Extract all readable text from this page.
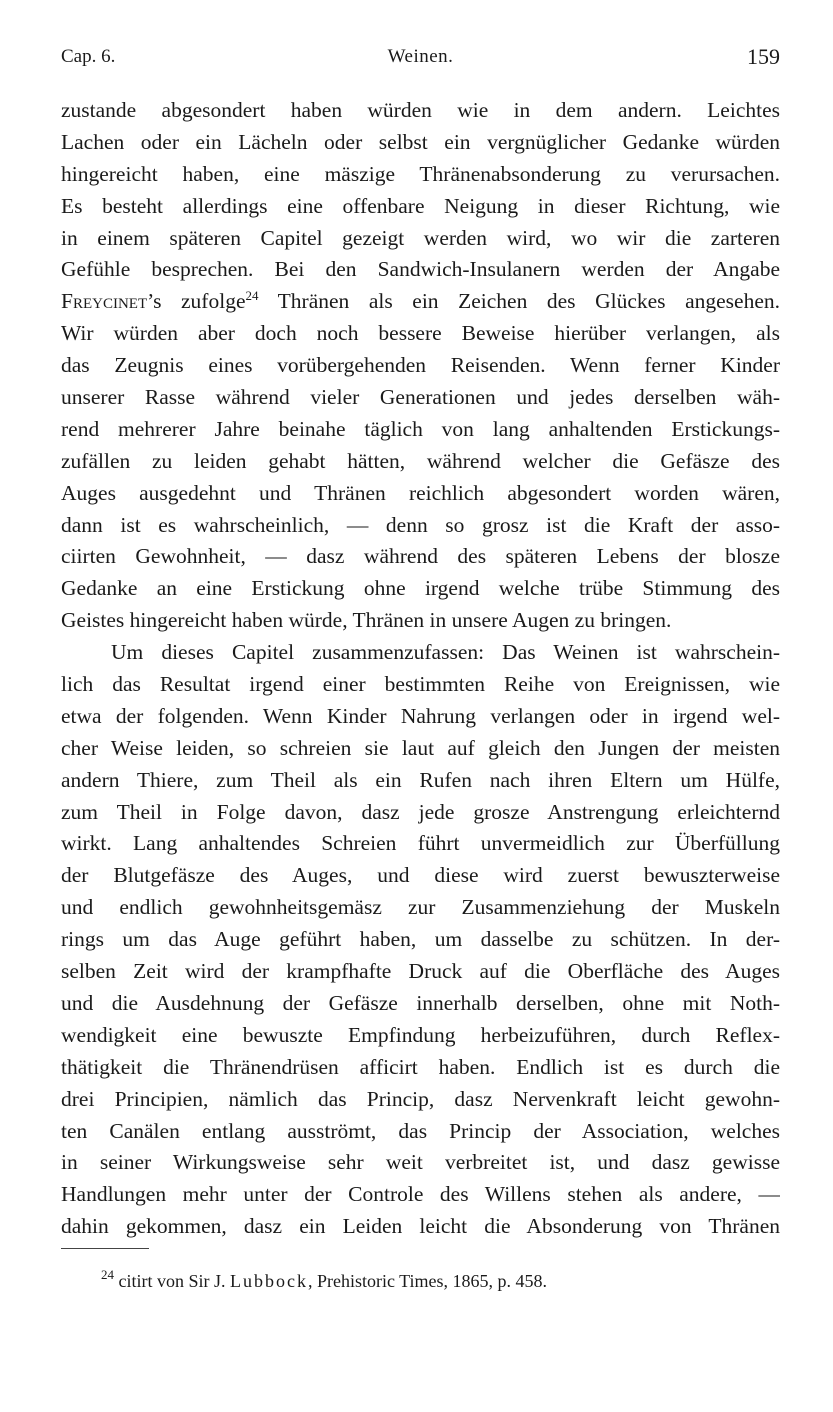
Cap. 6.	Weinen.	159
zustande abgesondert haben würden wie in dem andern. Leichtes
Lachen oder ein Lächeln oder selbst ein vergnüglicher Gedanke würden
hingereicht haben, eine mäszige Thränenabsonderung zu verursachen.
Es besteht allerdings eine offenbare Neigung in dieser Richtung, wie
in einem späteren Capitel gezeigt werden wird, wo wir die zarteren
Gefühle besprechen. Bei den Sandwich-Insulanern werden der Angabe
Freycinet’s zufolge$^{24}$ Thränen als ein Zeichen des Glückes angesehen.
Wir würden aber doch noch bessere Beweise hierüber verlangen, als
das Zeugnis eines vorübergehenden Reisenden. Wenn ferner Kinder
unserer Rasse während vieler Generationen und jedes derselben wäh-
rend mehrerer Jahre beinahe täglich von lang anhaltenden Erstickungs-
zufällen zu leiden gehabt hätten, während welcher die Gefäsze des
Auges ausgedehnt und Thränen reichlich abgesondert worden wären,
dann ist es wahrscheinlich, — denn so grosz ist die Kraft der asso-
ciirten Gewohnheit, — dasz während des späteren Lebens der blosze
Gedanke an eine Erstickung ohne irgend welche trübe Stimmung des
Geistes hingereicht haben würde, Thränen in unsere Augen zu bringen.
Um dieses Capitel zusammenzufassen: Das Weinen ist wahrschein-
lich das Resultat irgend einer bestimmten Reihe von Ereignissen, wie
etwa der folgenden. Wenn Kinder Nahrung verlangen oder in irgend wel-
cher Weise leiden, so schreien sie laut auf gleich den Jungen der meisten
andern Thiere, zum Theil als ein Rufen nach ihren Eltern um Hülfe,
zum Theil in Folge davon, dasz jede grosze Anstrengung erleichternd
wirkt. Lang anhaltendes Schreien führt unvermeidlich zur Überfüllung
der Blutgefäsze des Auges, und diese wird zuerst bewuszterweise
und endlich gewohnheitsgemäsz zur Zusammenziehung der Muskeln
rings um das Auge geführt haben, um dasselbe zu schützen. In der-
selben Zeit wird der krampfhafte Druck auf die Oberfläche des Auges
und die Ausdehnung der Gefäsze innerhalb derselben, ohne mit Noth-
wendigkeit eine bewuszte Empfindung herbeizuführen, durch Reflex-
thätigkeit die Thränendrüsen afficirt haben. Endlich ist es durch die
drei Principien, nämlich das Princip, dasz Nervenkraft leicht gewohn-
ten Canälen entlang ausströmt, das Princip der Association, welches
in seiner Wirkungsweise sehr weit verbreitet ist, und dasz gewisse
Handlungen mehr unter der Controle des Willens stehen als andere, —
dahin gekommen, dasz ein Leiden leicht die Absonderung von Thränen
$^{24}$ citirt von Sir J. Lubbock, Prehistoric Times, 1865, p. 458.
